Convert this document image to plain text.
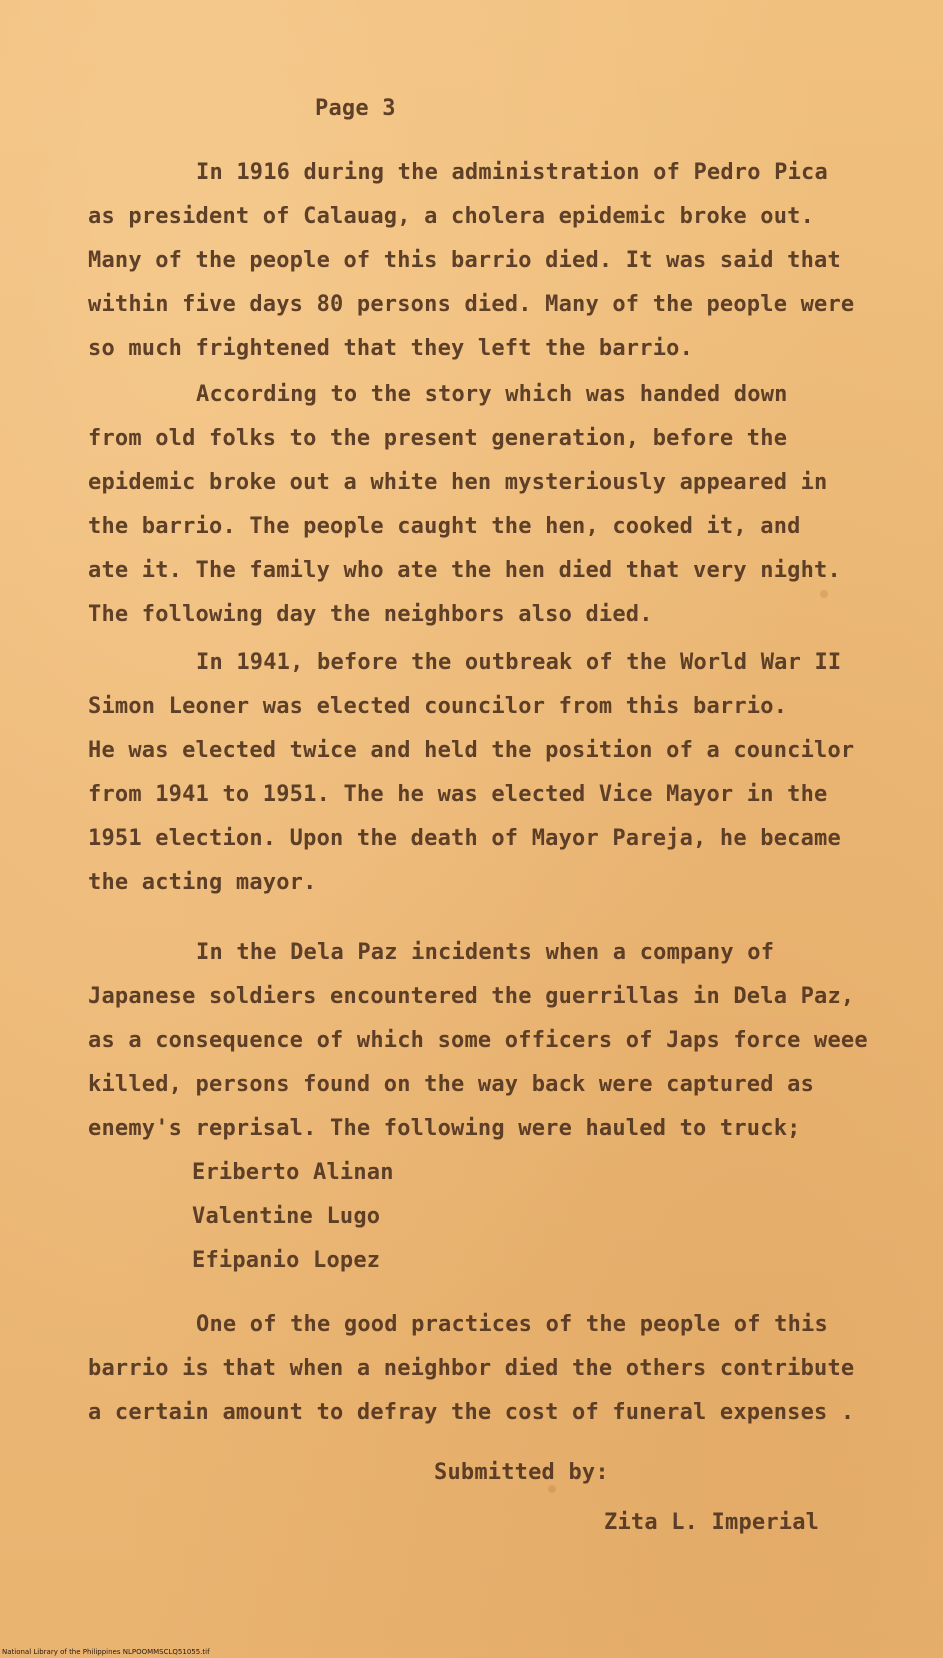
Page 3
In 1916 during the administration of Pedro Pica
as president of Calauag, a cholera epidemic broke out.
Many of the people of this barrio died. It was said that
within five days 80 persons died. Many of the people were
so much frightened that they left the barrio.
According to the story which was handed down
from old folks to the present generation, before the
epidemic broke out a white hen mysteriously appeared in
the barrio. The people caught the hen, cooked it, and
ate it. The family who ate the hen died that very night.
The following day the neighbors also died.
In 1941, before the outbreak of the World War II
Simon Leoner was elected councilor from this barrio.
He was elected twice and held the position of a councilor
from 1941 to 1951. The he was elected Vice Mayor in the
1951 election. Upon the death of Mayor Pareja, he became
the acting mayor.
In the Dela Paz incidents when a company of
Japanese soldiers encountered the guerrillas in Dela Paz,
as a consequence of which some officers of Japs force weee
killed, persons found on the way back were captured as
enemy's reprisal. The following were hauled to truck;
Eriberto Alinan
Valentine Lugo
Efipanio Lopez
One of the good practices of the people of this
barrio is that when a neighbor died the others contribute
a certain amount to defray the cost of funeral expenses .
Submitted by:
Zita L. Imperial
National Library of the Philippines NLPOOMMSCLQ51055.tif
